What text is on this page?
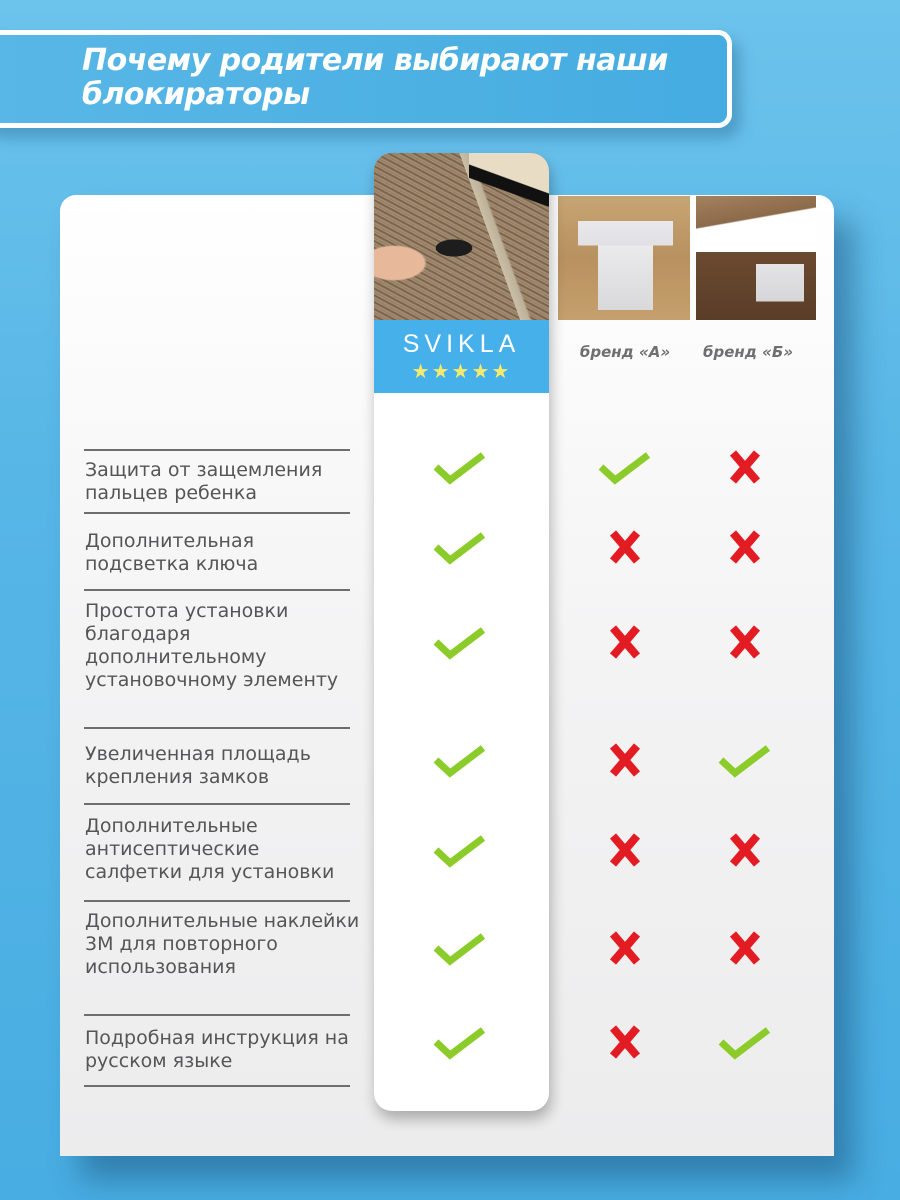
Почему родители выбирают наши блокираторы
бренд «А»	бренд «Б»
SVIKLA
★★★★★
Защита от защемления пальцев ребенка
Дополнительная подсветка ключа
Простота установки благодаря дополнительному установочному элементу
Увеличенная площадь крепления замков
Дополнительные антисептические салфетки для установки
Дополнительные наклейки 3М для повторного использования
Подробная инструкция на русском языке
